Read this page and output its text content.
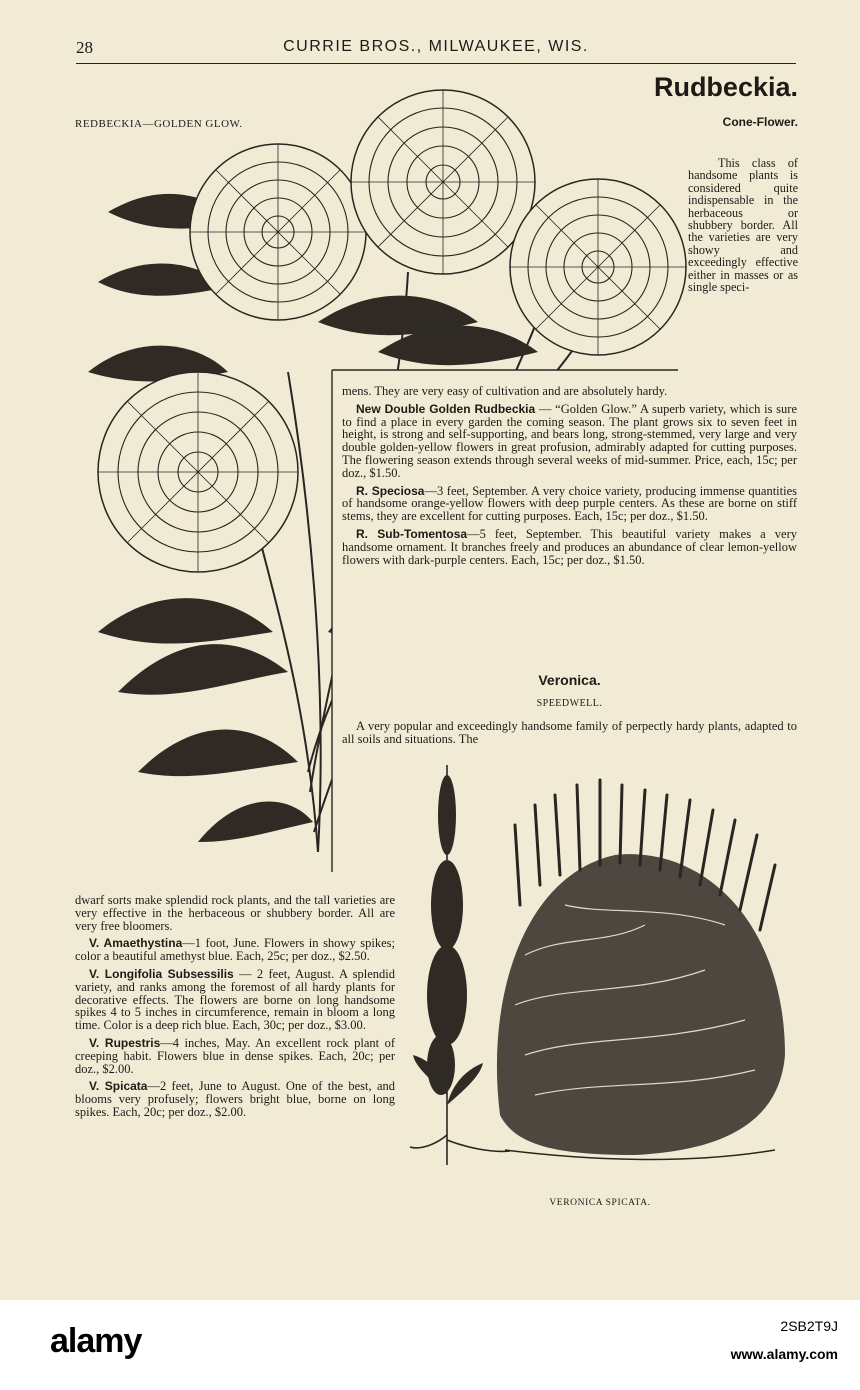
28	CURRIE BROS., MILWAUKEE, WIS.
Rudbeckia.
REDBECKIA—GOLDEN GLOW.	Cone-Flower.

This class of handsome plants is considered quite indispensable in the herbaceous or shubbery border. All the varieties are very showy and exceedingly effective either in masses or as single speci-

mens. They are very easy of cultivation and are absolutely hardy.

New Double Golden Rudbeckia — “Golden Glow.” A superb variety, which is sure to find a place in every garden the coming season. The plant grows six to seven feet in height, is strong and self-supporting, and bears long, strong-stemmed, very large and very double golden-yellow flowers in great profusion, admirably adapted for cutting purposes. The flowering season extends through several weeks of mid-summer. Price, each, 15c; per doz., $1.50.

R. Speciosa—3 feet, September. A very choice variety, producing immense quantities of handsome orange-yellow flowers with deep purple centers. As these are borne on stiff stems, they are excellent for cutting purposes. Each, 15c; per doz., $1.50.

R. Sub-Tomentosa—5 feet, September. This beautiful variety makes a very handsome ornament. It branches freely and produces an abundance of clear lemon-yellow flowers with dark-purple centers. Each, 15c; per doz., $1.50.

Veronica.
SPEEDWELL.

A very popular and exceedingly handsome family of perpectly hardy plants, adapted to all soils and situations. The

dwarf sorts make splendid rock plants, and the tall varieties are very effective in the herbaceous or shubbery border. All are very free bloomers.

V. Amaethystina—1 foot, June. Flowers in showy spikes; color a beautiful amethyst blue. Each, 25c; per doz., $2.50.

V. Longifolia Subsessilis — 2 feet, August. A splendid variety, and ranks among the foremost of all hardy plants for decorative effects. The flowers are borne on long handsome spikes 4 to 5 inches in circumference, remain in bloom a long time. Color is a deep rich blue. Each, 30c; per doz., $3.00.

V. Rupestris—4 inches, May. An excellent rock plant of creeping habit. Flowers blue in dense spikes. Each, 20c; per doz., $2.00.

V. Spicata—2 feet, June to August. One of the best, and blooms very profusely; flowers bright blue, borne on long spikes. Each, 20c; per doz., $2.00.

VERONICA SPICATA.
alamy	2SB2T9J
www.alamy.com
